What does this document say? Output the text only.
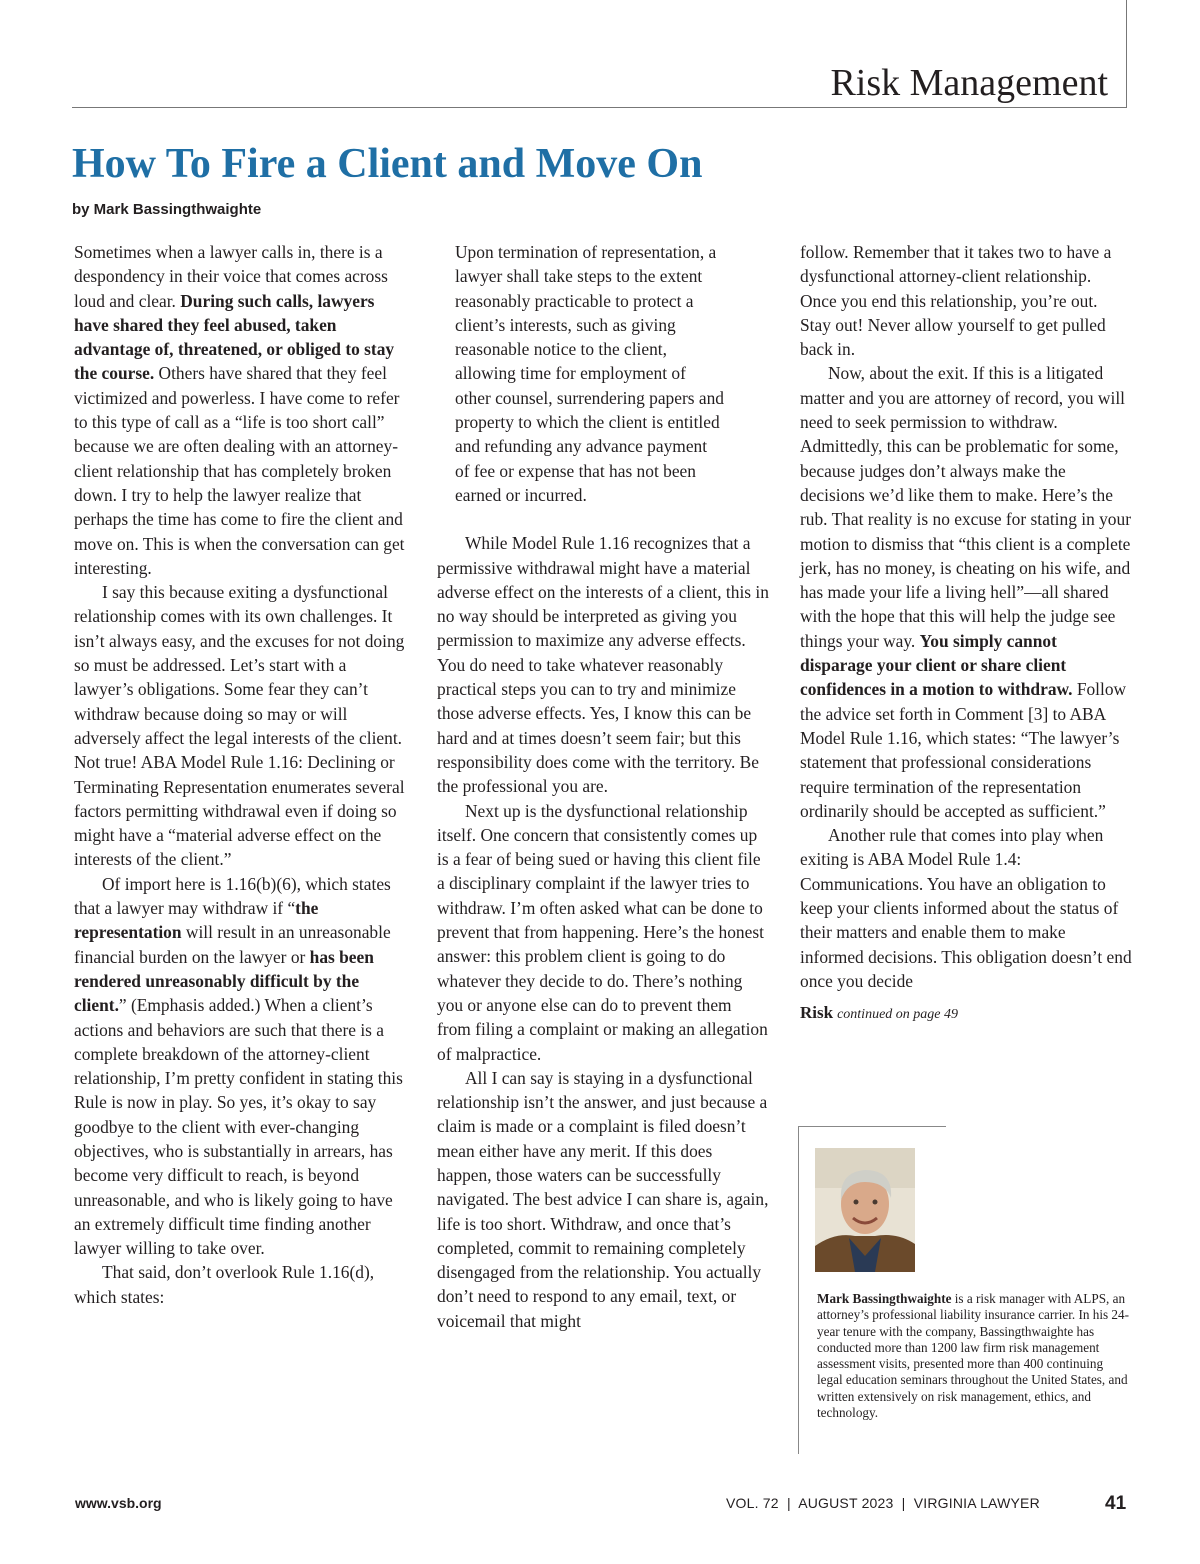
Risk Management
How To Fire a Client and Move On
by Mark Bassingthwaighte

Sometimes when a lawyer calls in, there is a despondency in their voice that comes across loud and clear. During such calls, lawyers have shared they feel abused, taken advantage of, threatened, or obliged to stay the course. Others have shared that they feel victimized and powerless. I have come to refer to this type of call as a “life is too short call” because we are often dealing with an attorney-client relationship that has completely broken down. I try to help the lawyer realize that perhaps the time has come to fire the client and move on. This is when the conversation can get interesting.

I say this because exiting a dysfunctional relationship comes with its own challenges. It isn’t always easy, and the excuses for not doing so must be addressed. Let’s start with a lawyer’s obligations. Some fear they can’t withdraw because doing so may or will adversely affect the legal interests of the client. Not true! ABA Model Rule 1.16: Declining or Terminating Representation enumerates several factors permitting withdrawal even if doing so might have a “material adverse effect on the interests of the client.”

Of import here is 1.16(b)(6), which states that a lawyer may withdraw if “the representation will result in an unreasonable financial burden on the lawyer or has been rendered unreasonably difficult by the client.” (Emphasis added.) When a client’s actions and behaviors are such that there is a complete breakdown of the attorney-client relationship, I’m pretty confident in stating this Rule is now in play. So yes, it’s okay to say goodbye to the client with ever-changing objectives, who is substantially in arrears, has become very difficult to reach, is beyond unreasonable, and who is likely going to have an extremely difficult time finding another lawyer willing to take over.

That said, don’t overlook Rule 1.16(d), which states:

Upon termination of representation, a lawyer shall take steps to the extent reasonably practicable to protect a client’s interests, such as giving reasonable notice to the client, allowing time for employment of other counsel, surrendering papers and property to which the client is entitled and refunding any advance payment of fee or expense that has not been earned or incurred.

While Model Rule 1.16 recognizes that a permissive withdrawal might have a material adverse effect on the interests of a client, this in no way should be interpreted as giving you permission to maximize any adverse effects. You do need to take whatever reasonably practical steps you can to try and minimize those adverse effects. Yes, I know this can be hard and at times doesn’t seem fair; but this responsibility does come with the territory. Be the professional you are.

Next up is the dysfunctional relationship itself. One concern that consistently comes up is a fear of being sued or having this client file a disciplinary complaint if the lawyer tries to withdraw. I’m often asked what can be done to prevent that from happening. Here’s the honest answer: this problem client is going to do whatever they decide to do. There’s nothing you or anyone else can do to prevent them from filing a complaint or making an allegation of malpractice.

All I can say is staying in a dysfunctional relationship isn’t the answer, and just because a claim is made or a complaint is filed doesn’t mean either have any merit. If this does happen, those waters can be successfully navigated. The best advice I can share is, again, life is too short. Withdraw, and once that’s completed, commit to remaining completely disengaged from the relationship. You actually don’t need to respond to any email, text, or voicemail that might

follow. Remember that it takes two to have a dysfunctional attorney-client relationship. Once you end this relationship, you’re out. Stay out! Never allow yourself to get pulled back in.

Now, about the exit. If this is a litigated matter and you are attorney of record, you will need to seek permission to withdraw. Admittedly, this can be problematic for some, because judges don’t always make the decisions we’d like them to make. Here’s the rub. That reality is no excuse for stating in your motion to dismiss that “this client is a complete jerk, has no money, is cheating on his wife, and has made your life a living hell”—all shared with the hope that this will help the judge see things your way. You simply cannot disparage your client or share client confidences in a motion to withdraw. Follow the advice set forth in Comment [3] to ABA Model Rule 1.16, which states: “The lawyer’s statement that professional considerations require termination of the representation ordinarily should be accepted as sufficient.”

Another rule that comes into play when exiting is ABA Model Rule 1.4: Communications. You have an obligation to keep your clients informed about the status of their matters and enable them to make informed decisions. This obligation doesn’t end once you decide

Risk continued on page 49

Mark Bassingthwaighte is a risk manager with ALPS, an attorney’s professional liability insurance carrier. In his 24-year tenure with the company, Bassingthwaighte has conducted more than 1200 law firm risk management assessment visits, presented more than 400 continuing legal education seminars throughout the United States, and written extensively on risk management, ethics, and technology.
www.vsb.org	VOL. 72  |  AUGUST 2023  |  VIRGINIA LAWYER	41
